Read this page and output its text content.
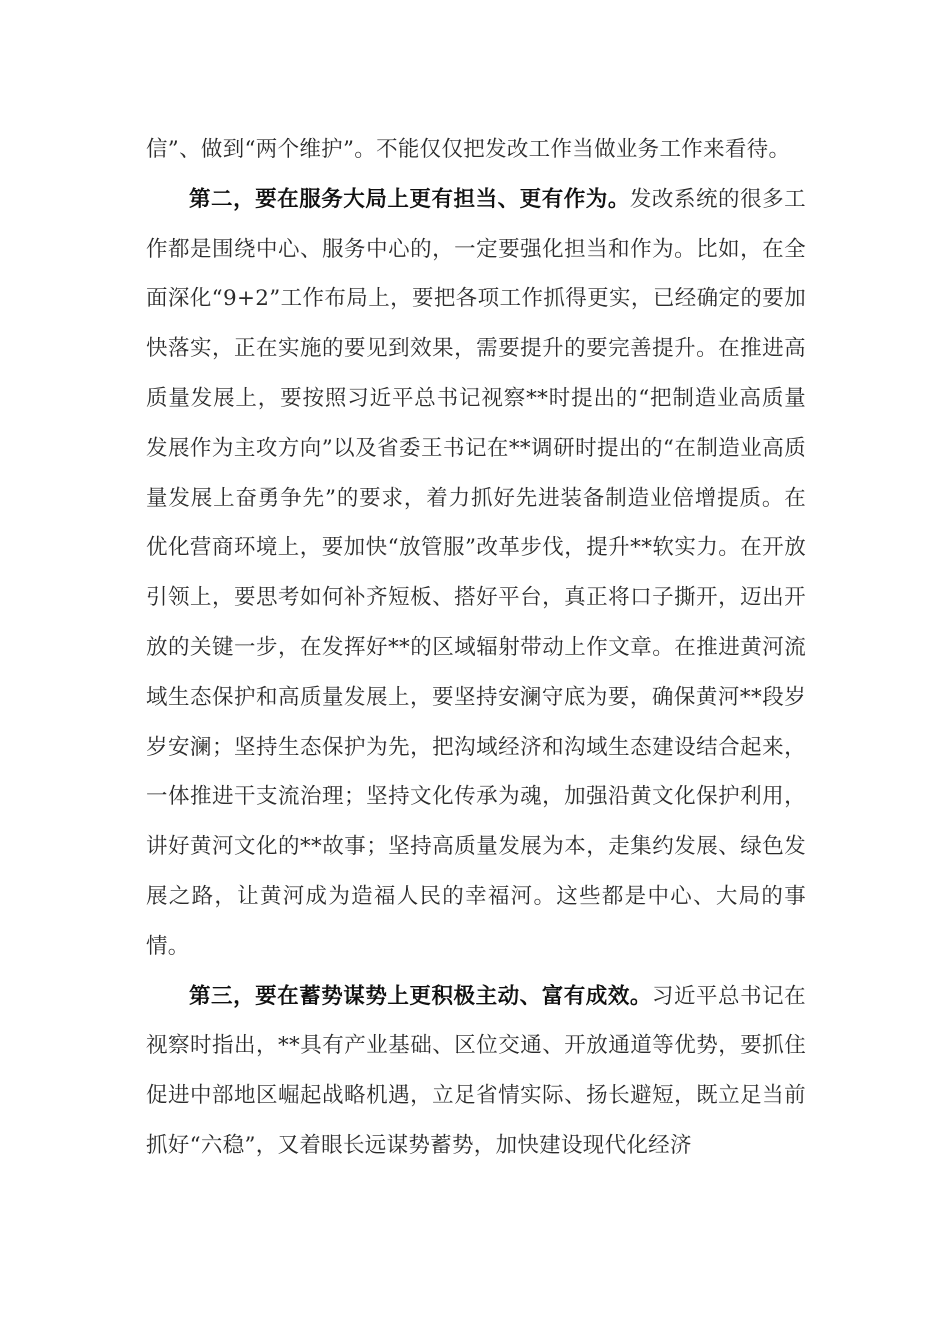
信”、做到“两个维护”。不能仅仅把发改工作当做业务工作来看待。

第二，要在服务大局上更有担当、更有作为。发改系统的很多工作都是围绕中心、服务中心的，一定要强化担当和作为。比如，在全面深化“9+2”工作布局上，要把各项工作抓得更实，已经确定的要加快落实，正在实施的要见到效果，需要提升的要完善提升。在推进高质量发展上，要按照习近平总书记视察**时提出的“把制造业高质量发展作为主攻方向”以及省委王书记在**调研时提出的“在制造业高质量发展上奋勇争先”的要求，着力抓好先进装备制造业倍增提质。在优化营商环境上，要加快“放管服”改革步伐，提升**软实力。在开放引领上，要思考如何补齐短板、搭好平台，真正将口子撕开，迈出开放的关键一步，在发挥好**的区域辐射带动上作文章。在推进黄河流域生态保护和高质量发展上，要坚持安澜守底为要，确保黄河**段岁岁安澜；坚持生态保护为先，把沟域经济和沟域生态建设结合起来，一体推进干支流治理；坚持文化传承为魂，加强沿黄文化保护利用，讲好黄河文化的**故事；坚持高质量发展为本，走集约发展、绿色发展之路，让黄河成为造福人民的幸福河。这些都是中心、大局的事情。

第三，要在蓄势谋势上更积极主动、富有成效。习近平总书记在视察时指出，**具有产业基础、区位交通、开放通道等优势，要抓住促进中部地区崛起战略机遇，立足省情实际、扬长避短，既立足当前抓好“六稳”，又着眼长远谋势蓄势，加快建设现代化经济
